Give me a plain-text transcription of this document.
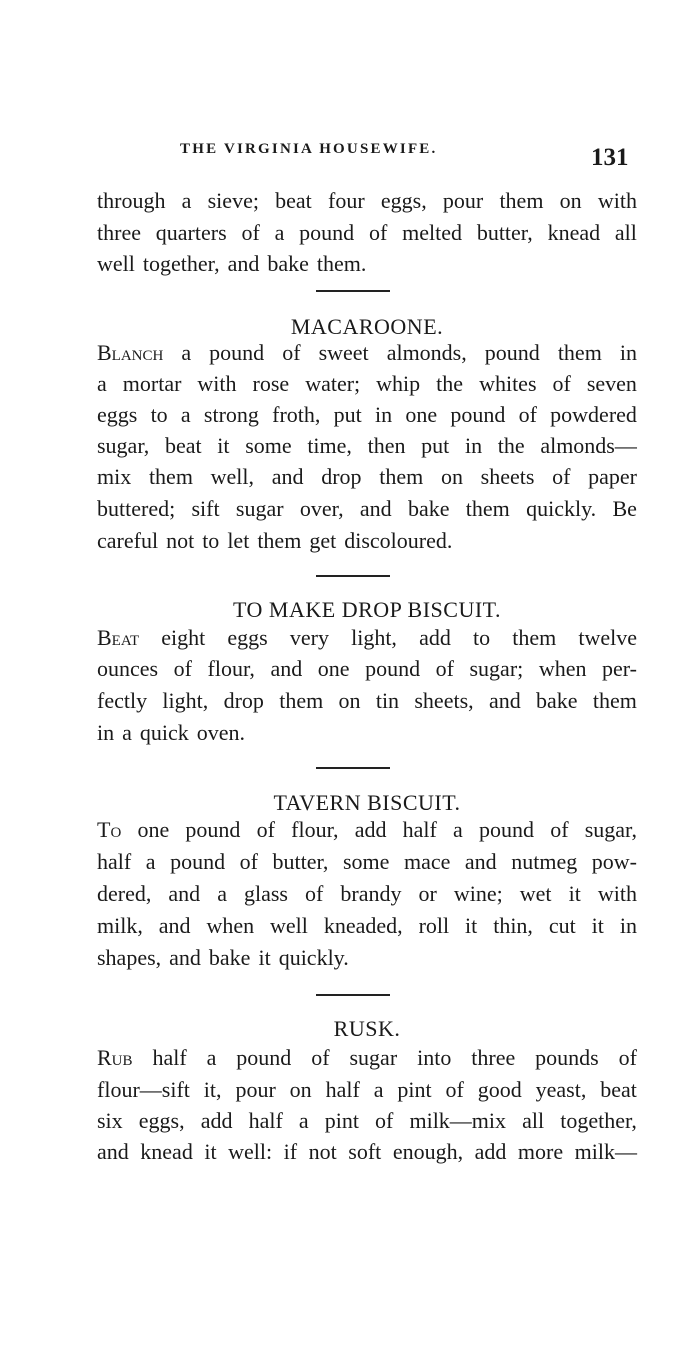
THE VIRGINIA HOUSEWIFE.	131
through a sieve; beat four eggs, pour them on with
three quarters of a pound of melted butter, knead all
well together, and bake them.
MACAROONE.
Blanch a pound of sweet almonds, pound them in
a mortar with rose water; whip the whites of seven
eggs to a strong froth, put in one pound of powdered
sugar, beat it some time, then put in the almonds—
mix them well, and drop them on sheets of paper
buttered; sift sugar over, and bake them quickly. Be
careful not to let them get discoloured.
TO MAKE DROP BISCUIT.
Beat eight eggs very light, add to them twelve
ounces of flour, and one pound of sugar; when per-
fectly light, drop them on tin sheets, and bake them
in a quick oven.
TAVERN BISCUIT.
To one pound of flour, add half a pound of sugar,
half a pound of butter, some mace and nutmeg pow-
dered, and a glass of brandy or wine; wet it with
milk, and when well kneaded, roll it thin, cut it in
shapes, and bake it quickly.
RUSK.
Rub half a pound of sugar into three pounds of
flour—sift it, pour on half a pint of good yeast, beat
six eggs, add half a pint of milk—mix all together,
and knead it well: if not soft enough, add more milk—
